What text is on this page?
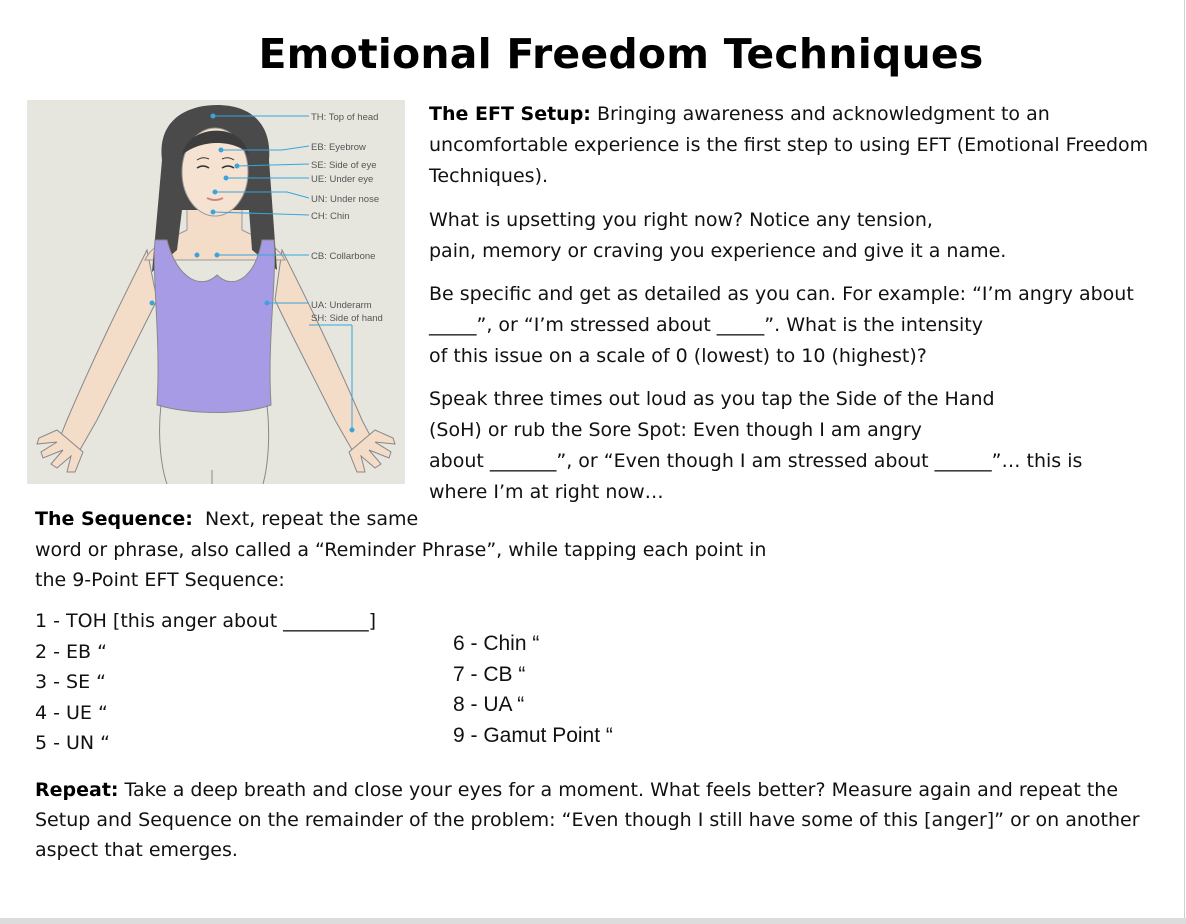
Emotional Freedom Techniques
TH: Top of head
EB: Eyebrow
SE: Side of eye
UE: Under eye
UN: Under nose
CH: Chin
CB: Collarbone
UA: Underarm
SH: Side of hand

The EFT Setup: Bringing awareness and acknowledgment to an uncomfortable experience is the first step to using EFT (Emotional Freedom Techniques).

What is upsetting you right now? Notice any tension,
pain, memory or craving you experience and give it a name.

Be specific and get as detailed as you can. For example: “I’m angry about
_____”, or “I’m stressed about _____”. What is the intensity
of this issue on a scale of 0 (lowest) to 10 (highest)?

Speak three times out loud as you tap the Side of the Hand
(SoH) or rub the Sore Spot: Even though I am angry
about _______”, or “Even though I am stressed about ______”… this is
where I’m at right now…

The Sequence:  Next, repeat the same
word or phrase, also called a “Reminder Phrase”, while tapping each point in
the 9-Point EFT Sequence:

1 - TOH [this anger about _________]
2 - EB “
3 - SE “
4 - UE “
5 - UN “
6 - Chin “
7 - CB “
8 - UA “
9 - Gamut Point “

Repeat: Take a deep breath and close your eyes for a moment. What feels better? Measure again and repeat the
Setup and Sequence on the remainder of the problem: “Even though I still have some of this [anger]” or on another
aspect that emerges.
